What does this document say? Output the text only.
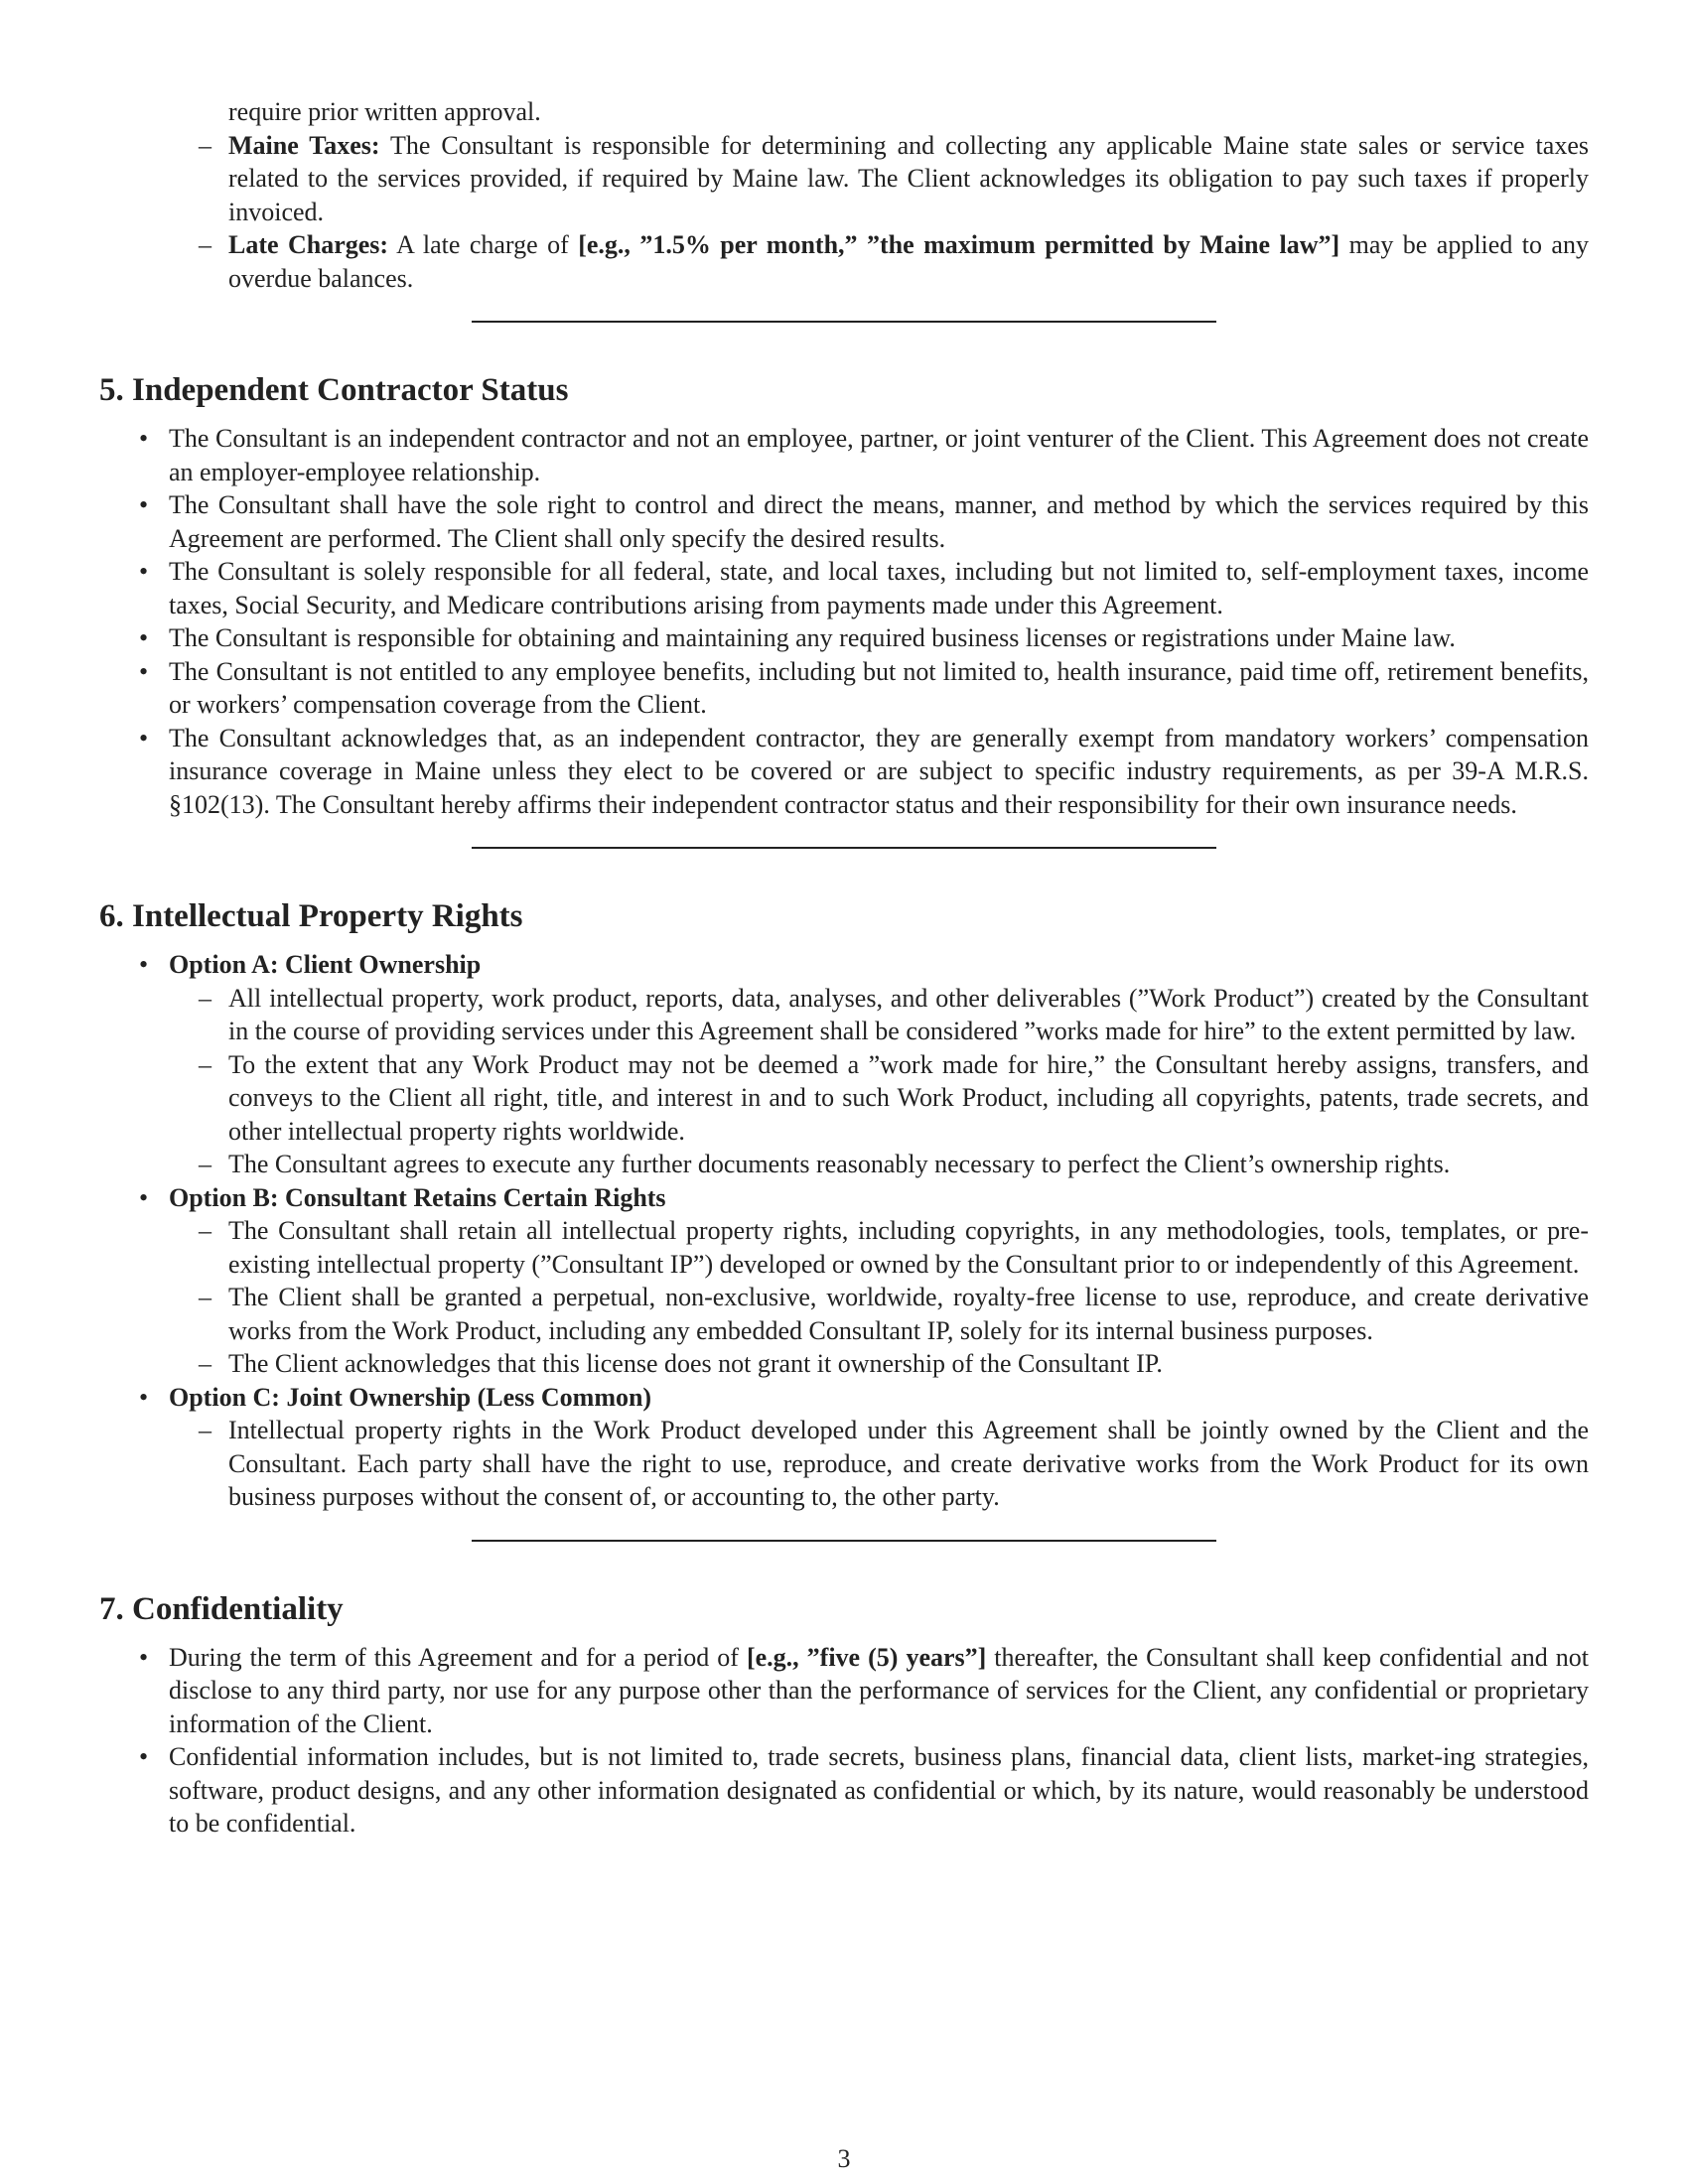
require prior written approval.
– Maine Taxes: The Consultant is responsible for determining and collecting any applicable Maine state sales or service taxes related to the services provided, if required by Maine law. The Client acknowledges its obligation to pay such taxes if properly invoiced.
– Late Charges: A late charge of [e.g., ”1.5% per month,” ”the maximum permitted by Maine law”] may be applied to any overdue balances.
5. Independent Contractor Status
• The Consultant is an independent contractor and not an employee, partner, or joint venturer of the Client. This Agreement does not create an employer-employee relationship.
• The Consultant shall have the sole right to control and direct the means, manner, and method by which the services required by this Agreement are performed. The Client shall only specify the desired results.
• The Consultant is solely responsible for all federal, state, and local taxes, including but not limited to, self-employment taxes, income taxes, Social Security, and Medicare contributions arising from payments made under this Agreement.
• The Consultant is responsible for obtaining and maintaining any required business licenses or registrations under Maine law.
• The Consultant is not entitled to any employee benefits, including but not limited to, health insurance, paid time off, retirement benefits, or workers’ compensation coverage from the Client.
• The Consultant acknowledges that, as an independent contractor, they are generally exempt from mandatory workers’ compensation insurance coverage in Maine unless they elect to be covered or are subject to specific industry requirements, as per 39-A M.R.S. §102(13). The Consultant hereby affirms their independent contractor status and their responsibility for their own insurance needs.
6. Intellectual Property Rights
• Option A: Client Ownership
– All intellectual property, work product, reports, data, analyses, and other deliverables (”Work Product”) created by the Consultant in the course of providing services under this Agreement shall be considered ”works made for hire” to the extent permitted by law.
– To the extent that any Work Product may not be deemed a ”work made for hire,” the Consultant hereby assigns, transfers, and conveys to the Client all right, title, and interest in and to such Work Product, including all copyrights, patents, trade secrets, and other intellectual property rights worldwide.
– The Consultant agrees to execute any further documents reasonably necessary to perfect the Client’s ownership rights.
• Option B: Consultant Retains Certain Rights
– The Consultant shall retain all intellectual property rights, including copyrights, in any methodologies, tools, templates, or pre-existing intellectual property (”Consultant IP”) developed or owned by the Consultant prior to or independently of this Agreement.
– The Client shall be granted a perpetual, non-exclusive, worldwide, royalty-free license to use, reproduce, and create derivative works from the Work Product, including any embedded Consultant IP, solely for its internal business purposes.
– The Client acknowledges that this license does not grant it ownership of the Consultant IP.
• Option C: Joint Ownership (Less Common)
– Intellectual property rights in the Work Product developed under this Agreement shall be jointly owned by the Client and the Consultant. Each party shall have the right to use, reproduce, and create derivative works from the Work Product for its own business purposes without the consent of, or accounting to, the other party.
7. Confidentiality
• During the term of this Agreement and for a period of [e.g., ”five (5) years”] thereafter, the Consultant shall keep confidential and not disclose to any third party, nor use for any purpose other than the performance of services for the Client, any confidential or proprietary information of the Client.
• Confidential information includes, but is not limited to, trade secrets, business plans, financial data, client lists, market-ing strategies, software, product designs, and any other information designated as confidential or which, by its nature, would reasonably be understood to be confidential.
3
